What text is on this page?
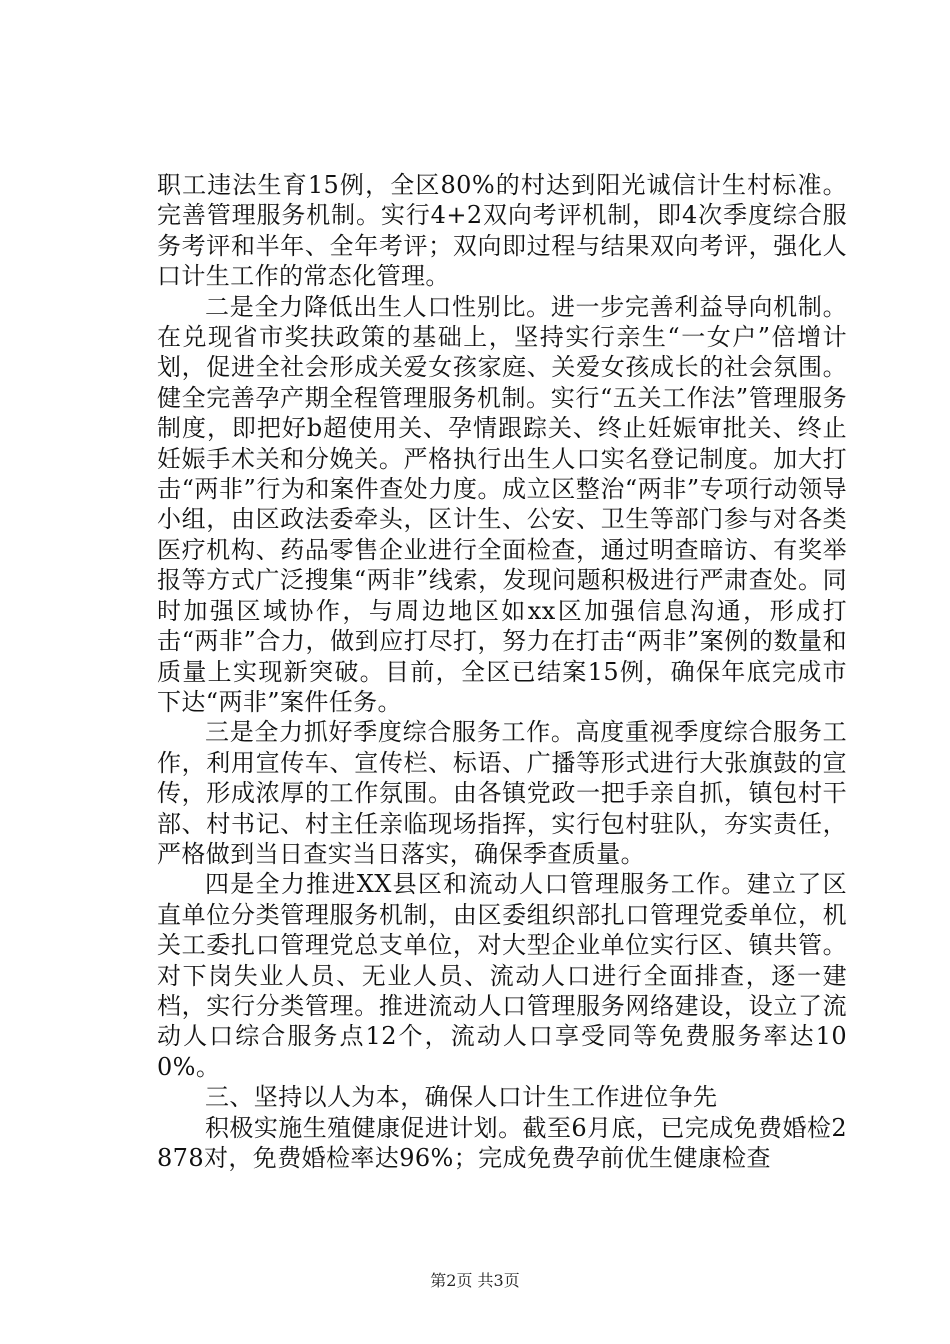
职工违法生育15例，全区80%的村达到阳光诚信计生村标准。完善管理服务机制。实行4+2双向考评机制，即4次季度综合服务考评和半年、全年考评；双向即过程与结果双向考评，强化人口计生工作的常态化管理。

二是全力降低出生人口性别比。进一步完善利益导向机制。在兑现省市奖扶政策的基础上，坚持实行亲生“一女户”倍增计划，促进全社会形成关爱女孩家庭、关爱女孩成长的社会氛围。健全完善孕产期全程管理服务机制。实行“五关工作法”管理服务制度，即把好b超使用关、孕情跟踪关、终止妊娠审批关、终止妊娠手术关和分娩关。严格执行出生人口实名登记制度。加大打击“两非”行为和案件查处力度。成立区整治“两非”专项行动领导小组，由区政法委牵头，区计生、公安、卫生等部门参与对各类医疗机构、药品零售企业进行全面检查，通过明查暗访、有奖举报等方式广泛搜集“两非”线索，发现问题积极进行严肃查处。同时加强区域协作，与周边地区如xx区加强信息沟通，形成打击“两非”合力，做到应打尽打，努力在打击“两非”案例的数量和质量上实现新突破。目前，全区已结案15例，确保年底完成市下达“两非”案件任务。

三是全力抓好季度综合服务工作。高度重视季度综合服务工作，利用宣传车、宣传栏、标语、广播等形式进行大张旗鼓的宣传，形成浓厚的工作氛围。由各镇党政一把手亲自抓，镇包村干部、村书记、村主任亲临现场指挥，实行包村驻队，夯实责任，严格做到当日查实当日落实，确保季查质量。

四是全力推进XX县区和流动人口管理服务工作。建立了区直单位分类管理服务机制，由区委组织部扎口管理党委单位，机关工委扎口管理党总支单位，对大型企业单位实行区、镇共管。对下岗失业人员、无业人员、流动人口进行全面排查，逐一建档，实行分类管理。推进流动人口管理服务网络建设，设立了流动人口综合服务点12个，流动人口享受同等免费服务率达100%。

三、坚持以人为本，确保人口计生工作进位争先

积极实施生殖健康促进计划。截至6月底，已完成免费婚检2878对，免费婚检率达96%；完成免费孕前优生健康检查

第2页 共3页
